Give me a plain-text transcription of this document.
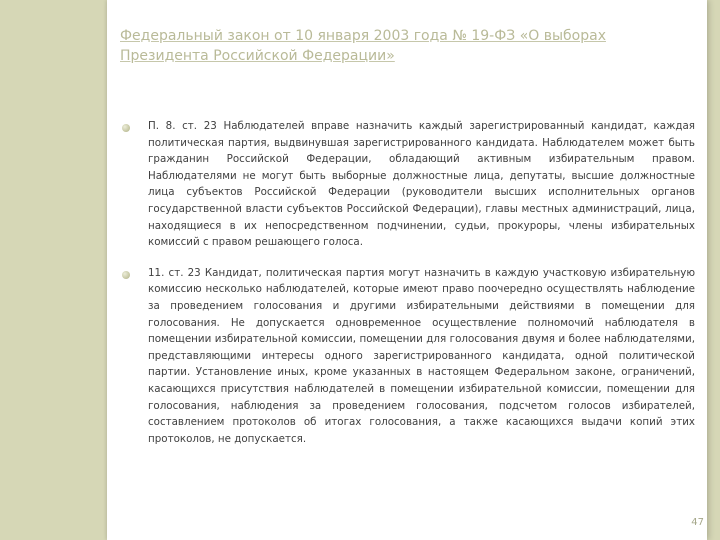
Федеральный закон от 10 января 2003 года № 19-ФЗ «О выборах Президента Российской Федерации»

П. 8. ст. 23 Наблюдателей вправе назначить каждый зарегистрированный кандидат, каждая политическая партия, выдвинувшая зарегистрированного кандидата. Наблюдателем может быть гражданин Российской Федерации, обладающий активным избирательным правом. Наблюдателями не могут быть выборные должностные лица, депутаты, высшие должностные лица субъектов Российской Федерации (руководители высших исполнительных органов государственной власти субъектов Российской Федерации), главы местных администраций, лица, находящиеся в их непосредственном подчинении, судьи, прокуроры, члены избирательных комиссий с правом решающего голоса.

11. ст. 23 Кандидат, политическая партия могут назначить в каждую участковую избирательную комиссию несколько наблюдателей, которые имеют право поочередно осуществлять наблюдение за проведением голосования и другими избирательными действиями в помещении для голосования. Не допускается одновременное осуществление полномочий наблюдателя в помещении избирательной комиссии, помещении для голосования двумя и более наблюдателями, представляющими интересы одного зарегистрированного кандидата, одной политической партии. Установление иных, кроме указанных в настоящем Федеральном законе, ограничений, касающихся присутствия наблюдателей в помещении избирательной комиссии, помещении для голосования, наблюдения за проведением голосования, подсчетом голосов избирателей, составлением протоколов об итогах голосования, а также касающихся выдачи копий этих протоколов, не допускается.

47
